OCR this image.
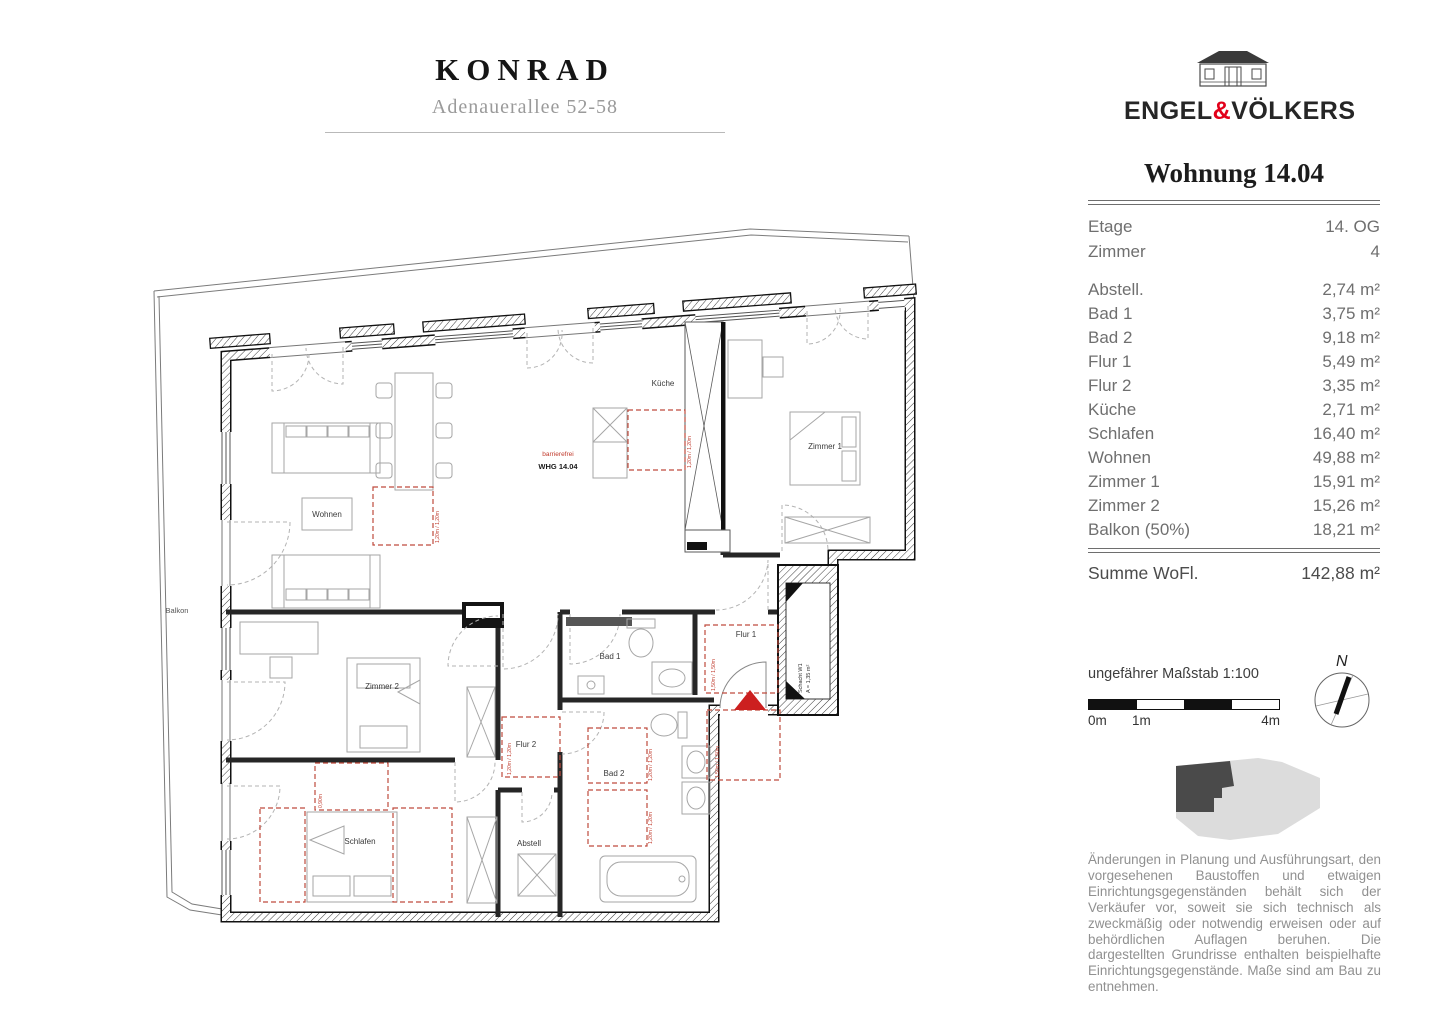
KONRAD
Adenauerallee 52-58	ENGEL&VÖLKERS
Schacht W1 A = 1,35 m²
1,20m / 1,20m
1,20m / 1,20m
1,50m / 1,50m
1,50m / 1,50m
1,20m / 1,20m
1,20m / 1,20m
1,20m / 1,20m
0,90m
Balkon
Wohnen
Küche
Zimmer 1
Zimmer 2
Schlafen
Bad 1
Bad 2
Flur 1
Flur 2
Abstell
barrierefrei
WHG 14.04
Wohnung 14.04
Etage	14. OG
Zimmer	4
Abstell.	2,74 m²
Bad 1	3,75 m²
Bad 2	9,18 m²
Flur 1	5,49 m²
Flur 2	3,35 m²
Küche	2,71 m²
Schlafen	16,40 m²
Wohnen	49,88 m²
Zimmer 1	15,91 m²
Zimmer 2	15,26 m²
Balkon (50%)	18,21 m²
Summe WoFl.	142,88 m²
ungefährer Maßstab 1:100
0m 1m	4m
N
Änderungen in Planung und Ausführungsart, den vorgesehenen Baustoffen und etwaigen Einrichtungsgegenständen behält sich der Verkäufer vor, soweit sie sich technisch als zweckmäßig oder notwendig erweisen oder auf behördlichen Auflagen beruhen. Die dargestellten Grundrisse enthalten beispielhafte Einrichtungsgegenstände. Maße sind am Bau zu entnehmen.
